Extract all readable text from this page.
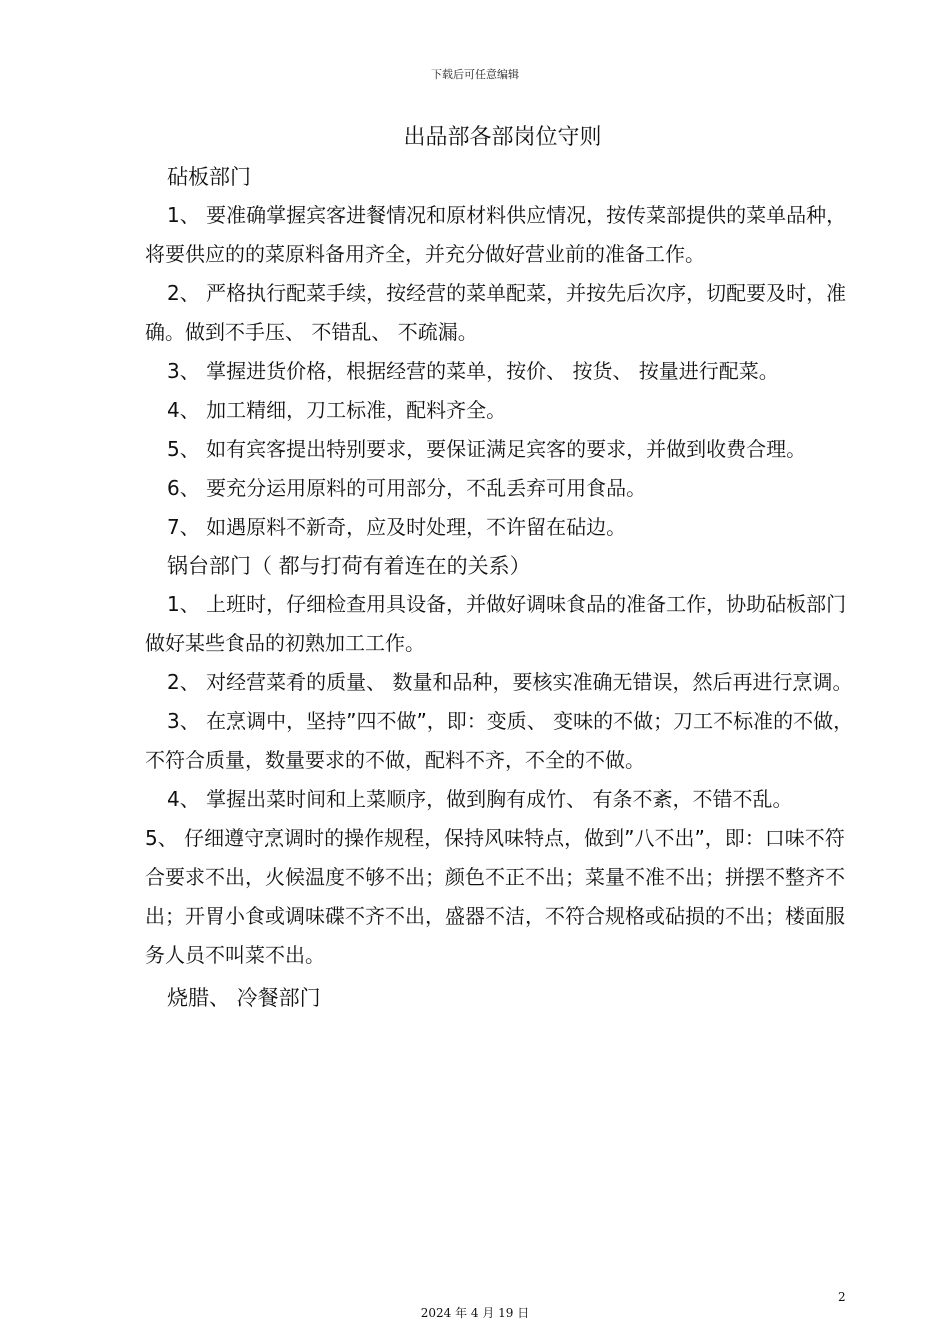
下载后可任意编辑
出品部各部岗位守则
砧板部门

1、 要准确掌握宾客进餐情况和原材料供应情况，按传菜部提供的菜单品种，将要供应的的菜原料备用齐全，并充分做好营业前的准备工作。

2、 严格执行配菜手续，按经营的菜单配菜，并按先后次序，切配要及时，准确。做到不手压、 不错乱、 不疏漏。

3、 掌握进货价格，根据经营的菜单，按价、 按货、 按量进行配菜。

4、 加工精细，刀工标准，配料齐全。

5、 如有宾客提出特别要求，要保证满足宾客的要求，并做到收费合理。

6、 要充分运用原料的可用部分，不乱丢弃可用食品。

7、 如遇原料不新奇，应及时处理，不许留在砧边。

锅台部门（ 都与打荷有着连在的关系）

1、 上班时，仔细检查用具设备，并做好调味食品的准备工作，协助砧板部门做好某些食品的初熟加工工作。

2、 对经营菜肴的质量、 数量和品种，要核实准确无错误，然后再进行烹调。

3、 在烹调中，坚持”四不做”，即：变质、 变味的不做；刀工不标准的不做，不符合质量，数量要求的不做，配料不齐，不全的不做。

4、 掌握出菜时间和上菜顺序，做到胸有成竹、 有条不紊，不错不乱。

5、 仔细遵守烹调时的操作规程，保持风味特点，做到”八不出”，即：口味不符合要求不出，火候温度不够不出；颜色不正不出；菜量不准不出；拼摆不整齐不出；开胃小食或调味碟不齐不出，盛器不洁，不符合规格或砧损的不出；楼面服务人员不叫菜不出。

烧腊、 冷餐部门
2
2024 年 4 月 19 日
